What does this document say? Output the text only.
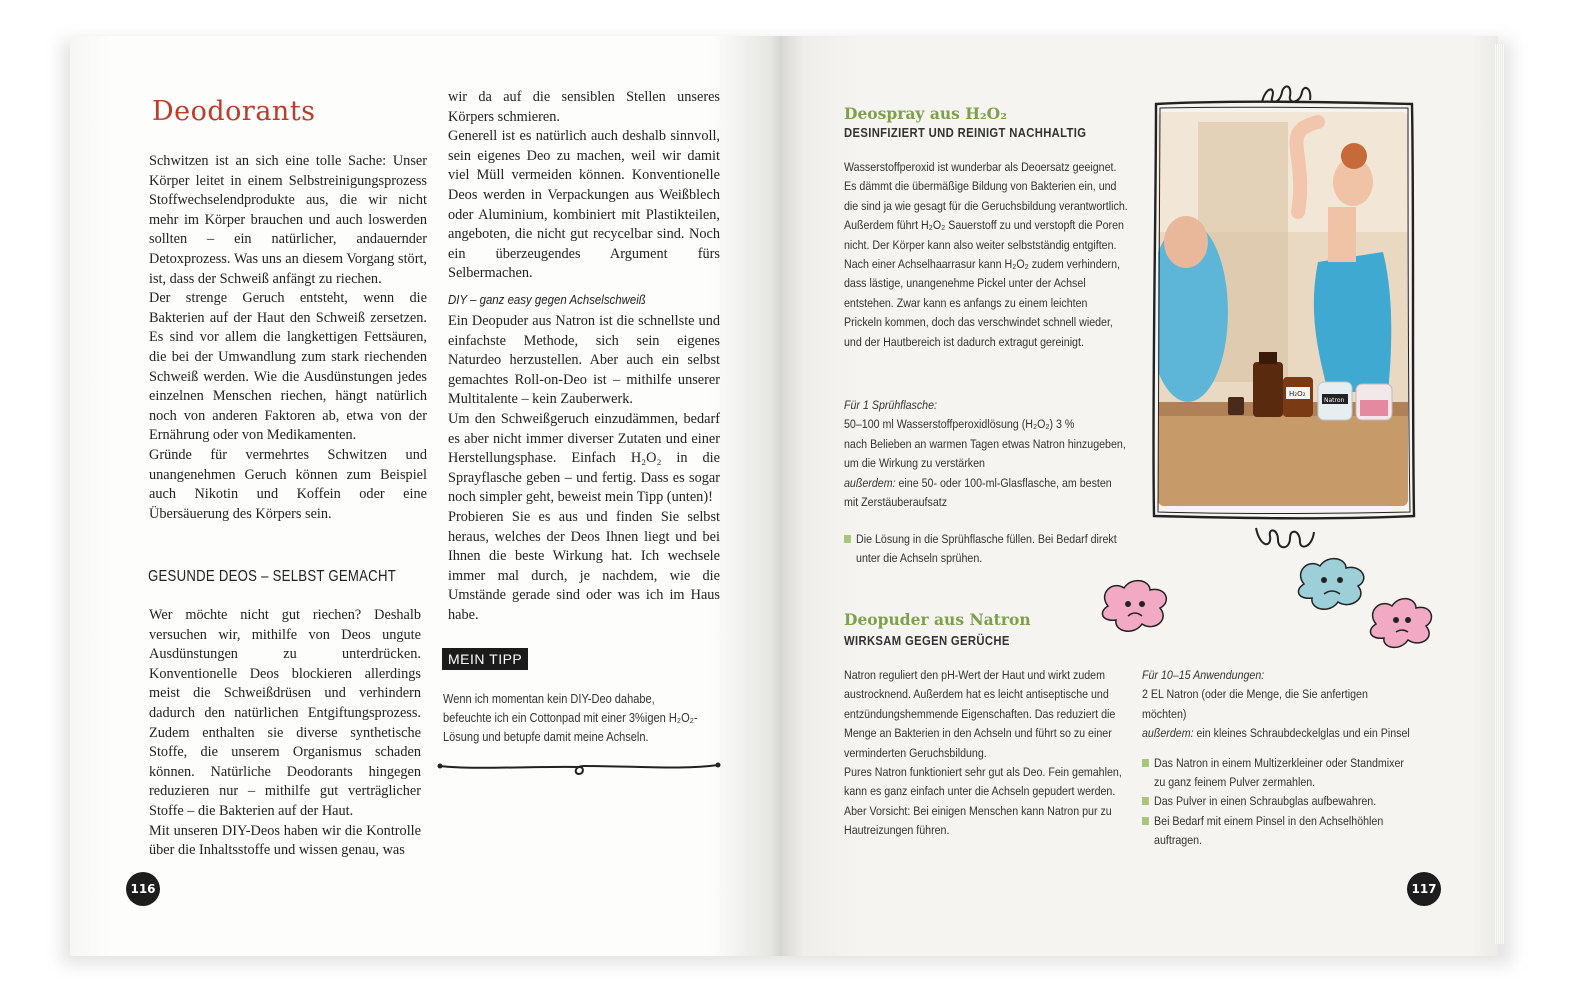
Deodorants

Schwitzen ist an sich eine tolle Sache: Unser Körper leitet in einem Selbstreinigungsprozess Stoffwechselendprodukte aus, die wir nicht mehr im Körper brauchen und auch loswerden sollten – ein natürlicher, andauernder Detoxprozess. Was uns an diesem Vorgang stört, ist, dass der Schweiß anfängt zu riechen.

Der strenge Geruch entsteht, wenn die Bakterien auf der Haut den Schweiß zersetzen. Es sind vor allem die langkettigen Fettsäuren, die bei der Umwandlung zum stark riechenden Schweiß werden. Wie die Ausdünstungen jedes einzelnen Menschen riechen, hängt natürlich noch von anderen Faktoren ab, etwa von der Ernährung oder von Medikamenten.

Gründe für vermehrtes Schwitzen und unangenehmen Geruch können zum Beispiel auch Nikotin und Koffein oder eine Übersäuerung des Körpers sein.

GESUNDE DEOS – SELBST GEMACHT

Wer möchte nicht gut riechen? Deshalb versuchen wir, mithilfe von Deos ungute Ausdünstungen zu unterdrücken. Konventionelle Deos blockieren allerdings meist die Schweißdrüsen und verhindern dadurch den natürlichen Entgiftungsprozess. Zudem enthalten sie diverse synthetische Stoffe, die unserem Organismus schaden können. Natürliche Deodorants hingegen reduzieren nur – mithilfe gut verträglicher Stoffe – die Bakterien auf der Haut.

Mit unseren DIY-Deos haben wir die Kontrolle über die Inhaltsstoffe und wissen genau, was

wir da auf die sensiblen Stellen unseres Körpers schmieren.

Generell ist es natürlich auch deshalb sinnvoll, sein eigenes Deo zu machen, weil wir damit viel Müll vermeiden können. Konventionelle Deos werden in Verpackungen aus Weißblech oder Aluminium, kombiniert mit Plastikteilen, angeboten, die nicht gut recycelbar sind. Noch ein überzeugendes Argument fürs Selbermachen.

DIY – ganz easy gegen Achselschweiß

Ein Deopuder aus Natron ist die schnellste und einfachste Methode, sich sein eigenes Naturdeo herzustellen. Aber auch ein selbst gemachtes Roll-on-Deo ist – mithilfe unserer Multitalente – kein Zauberwerk.

Um den Schweißgeruch einzudämmen, bedarf es aber nicht immer diverser Zutaten und einer Herstellungsphase. Einfach H₂O₂ in die Sprayflasche geben – und fertig. Dass es sogar noch simpler geht, beweist mein Tipp (unten)!

Probieren Sie es aus und finden Sie selbst heraus, welches der Deos Ihnen liegt und bei Ihnen die beste Wirkung hat. Ich wechsele immer mal durch, je nachdem, wie die Umstände gerade sind oder was ich im Haus habe.

MEIN TIPP
Wenn ich momentan kein DIY-Deo dahabe, befeuchte ich ein Cottonpad mit einer 3%igen H₂O₂-Lösung und betupfe damit meine Achseln.
116
Deospray aus H₂O₂
DESINFIZIERT UND REINIGT NACHHALTIG

Wasserstoffperoxid ist wunderbar als Deoersatz geeignet. Es dämmt die übermäßige Bildung von Bakterien ein, und die sind ja wie gesagt für die Geruchsbildung verantwortlich. Außerdem führt H₂O₂ Sauerstoff zu und verstopft die Poren nicht. Der Körper kann also weiter selbstständig entgiften.

Nach einer Achselhaarrasur kann H₂O₂ zudem verhindern, dass lästige, unangenehme Pickel unter der Achsel entstehen. Zwar kann es anfangs zu einem leichten Prickeln kommen, doch das verschwindet schnell wieder, und der Hautbereich ist dadurch extragut gereinigt.

Für 1 Sprühflasche:

50–100 ml Wasserstoffperoxidlösung (H₂O₂) 3 %

nach Belieben an warmen Tagen etwas Natron hinzugeben, um die Wirkung zu verstärken

außerdem: eine 50- oder 100-ml-Glasflasche, am besten mit Zerstäuberaufsatz

Die Lösung in die Sprühflasche füllen. Bei Bedarf direkt unter die Achseln sprühen.
Deopuder aus Natron
WIRKSAM GEGEN GERÜCHE

Natron reguliert den pH-Wert der Haut und wirkt zudem austrocknend. Außerdem hat es leicht antiseptische und entzündungshemmende Eigenschaften. Das reduziert die Menge an Bakterien in den Achseln und führt so zu einer verminderten Geruchsbildung.

Pures Natron funktioniert sehr gut als Deo. Fein gemahlen, kann es ganz einfach unter die Achseln gepudert werden. Aber Vorsicht: Bei einigen Menschen kann Natron pur zu Hautreizungen führen.

Für 10–15 Anwendungen:

2 EL Natron (oder die Menge, die Sie anfertigen möchten)

außerdem: ein kleines Schraubdeckelglas und ein Pinsel

Das Natron in einem Multizerkleiner oder Standmixer zu ganz feinem Pulver zermahlen.
Das Pulver in einen Schraubglas aufbewahren.
Bei Bedarf mit einem Pinsel in den Achselhöhlen auftragen.
H₂O₂
Natron
117
